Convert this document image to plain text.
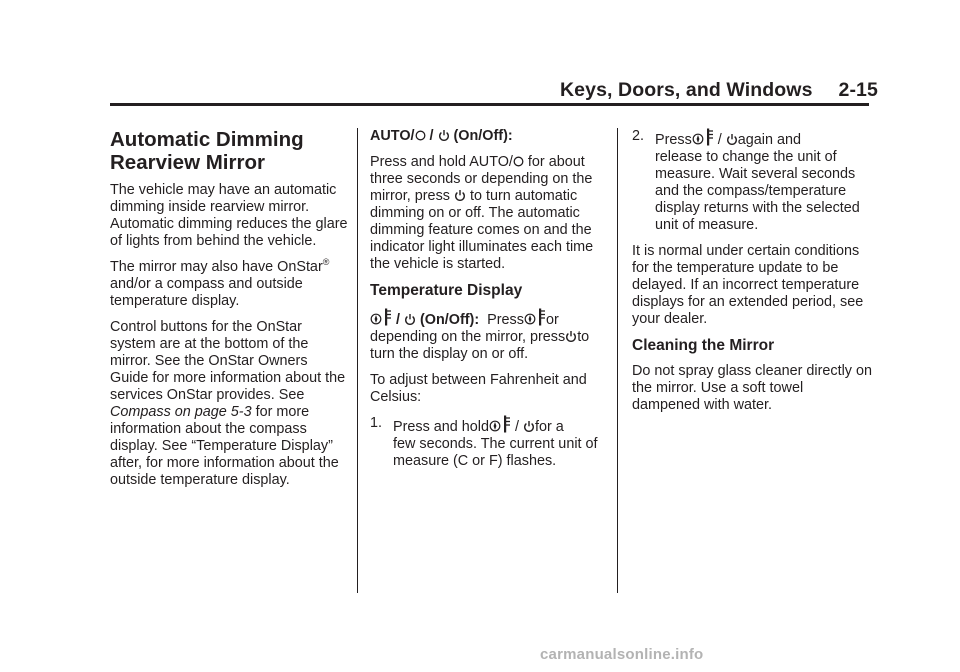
Keys, Doors, and Windows 2-15
Automatic Dimming
Rearview Mirror

The vehicle may have an automatic dimming inside rearview mirror. Automatic dimming reduces the glare of lights from behind the vehicle.

The mirror may also have OnStar® and/or a compass and outside temperature display.

Control buttons for the OnStar system are at the bottom of the mirror. See the OnStar Owners Guide for more information about the services OnStar provides. See Compass on page 5-3 for more information about the compass display. See “Temperature Display” after, for more information about the outside temperature display.

AUTO/
/
(On/Off):

Press and hold AUTO/
for about three seconds or depending on the mirror, press
to turn automatic dimming on or off. The automatic dimming feature comes on and the indicator light illuminates each time the vehicle is started.

Temperature Display

/
(On/Off): Press or
depending on the mirror, press to turn the display on or off.

To adjust between Fahrenheit and Celsius:

1. Press and hold
/
for a
few seconds. The current unit of measure (C or F) flashes.
2. Press
/
again and
release to change the unit of measure. Wait several seconds and the compass/temperature display returns with the selected unit of measure.

It is normal under certain conditions for the temperature update to be delayed. If an incorrect temperature displays for an extended period, see your dealer.

Cleaning the Mirror

Do not spray glass cleaner directly on the mirror. Use a soft towel dampened with water.

carmanualsonline.info
